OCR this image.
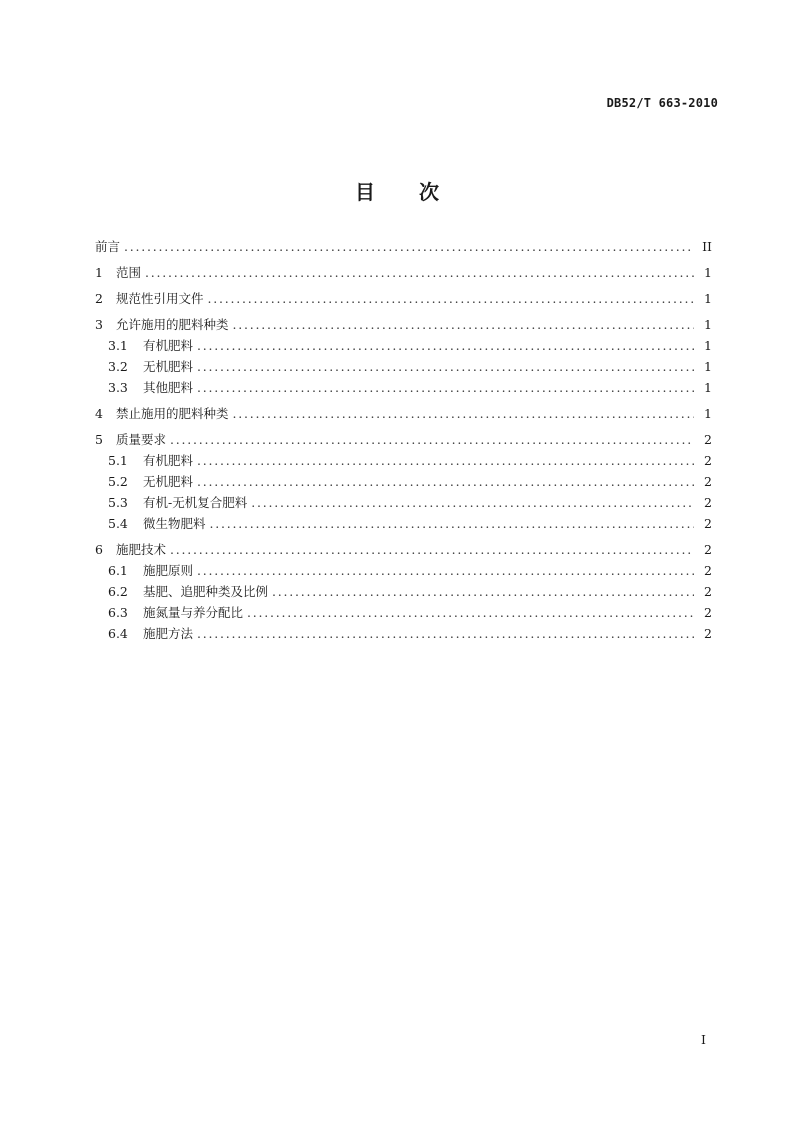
DB52/T 663-2010
目 次
前言 . . .	II
1	范围 . . .	1
2	规范性引用文件 . . .	1
3	允许施用的肥料种类 . . .	1
3.1	有机肥料 . . .	1
3.2	无机肥料 . . .	1
3.3	其他肥料 . . .	1
4	禁止施用的肥料种类 . . .	1
5	质量要求 . . .	2
5.1	有机肥料 . . .	2
5.2	无机肥料 . . .	2
5.3	有机-无机复合肥料 . . .	2
5.4	微生物肥料 . . .	2
6	施肥技术 . . .	2
6.1	施肥原则 . . .	2
6.2	基肥、追肥种类及比例 . . .	2
6.3	施氮量与养分配比 . . .	2
6.4	施肥方法 . . .	2
I
